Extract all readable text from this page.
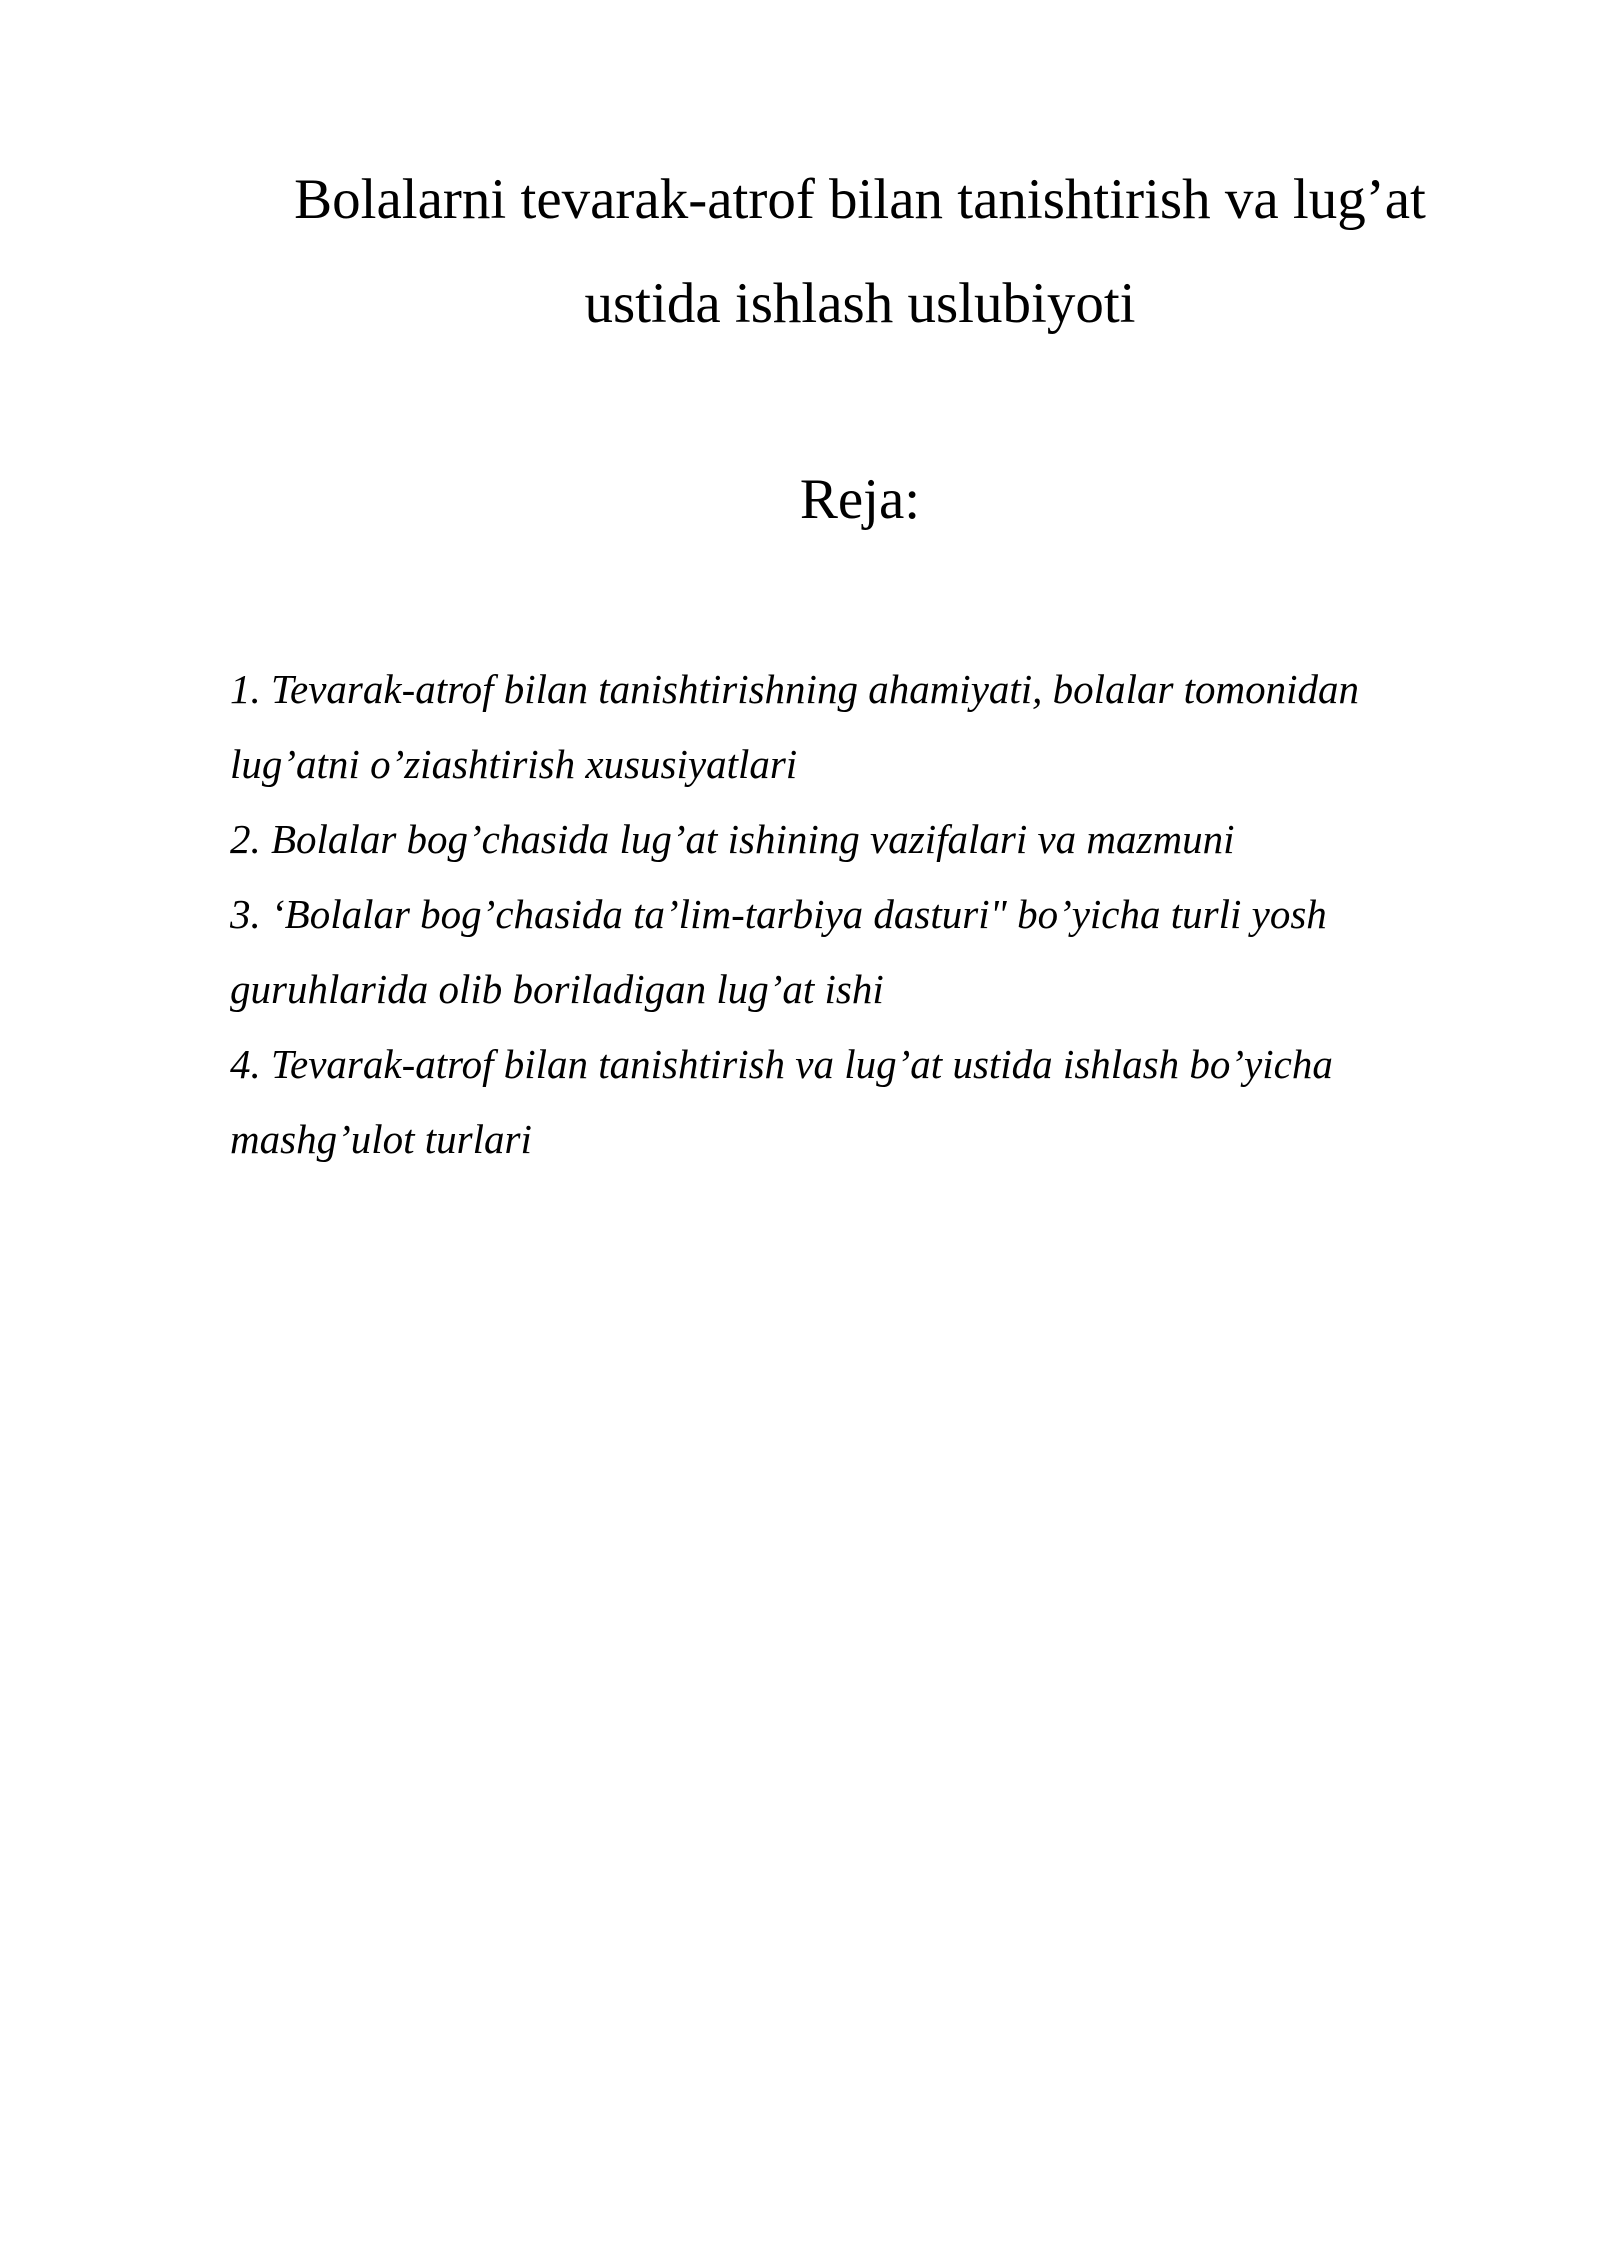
Bolalarni tevarak-atrof bilan tanishtirish va lug’at
ustida ishlash uslubiyoti
Reja:
1. Tevarak-atrof bilan tanishtirishning ahamiyati, bolalar tomonidan
lug’atni o’ziashtirish xususiyatlari
2. Bolalar bog’chasida lug’at ishining vazifalari va mazmuni
3. ‘Bolalar bog’chasida ta’lim-tarbiya dasturi" bo’yicha turli yosh
guruhlarida olib boriladigan lug’at ishi
4. Tevarak-atrof bilan tanishtirish va lug’at ustida ishlash bo’yicha
mashg’ulot turlari
